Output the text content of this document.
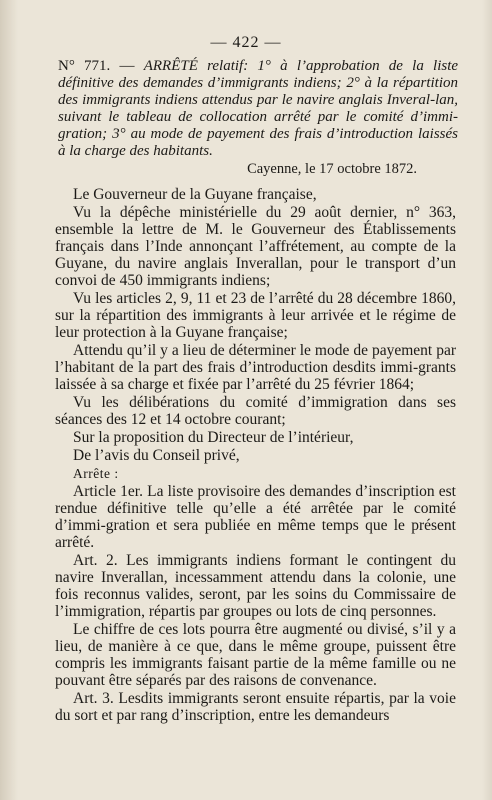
— 422 —
N° 771. — ARRÊTÉ relatif: 1° à l’approbation de la liste définitive des demandes d’immigrants indiens; 2° à la répartition des immigrants indiens attendus par le navire anglais Inveral-lan, suivant le tableau de collocation arrêté par le comité d’immi-gration; 3° au mode de payement des frais d’introduction laissés à la charge des habitants.
Cayenne, le 17 octobre 1872.

Le Gouverneur de la Guyane française,

Vu la dépêche ministérielle du 29 août dernier, n° 363, ensemble la lettre de M. le Gouverneur des Établissements français dans l’Inde annonçant l’affrétement, au compte de la Guyane, du navire anglais Inverallan, pour le transport d’un convoi de 450 immigrants indiens;

Vu les articles 2, 9, 11 et 23 de l’arrêté du 28 décembre 1860, sur la répartition des immigrants à leur arrivée et le régime de leur protection à la Guyane française;

Attendu qu’il y a lieu de déterminer le mode de payement par l’habitant de la part des frais d’introduction desdits immi-grants laissée à sa charge et fixée par l’arrêté du 25 février 1864;

Vu les délibérations du comité d’immigration dans ses séances des 12 et 14 octobre courant;

Sur la proposition du Directeur de l’intérieur,

De l’avis du Conseil privé,

Arrête :

Article 1er. La liste provisoire des demandes d’inscription est rendue définitive telle qu’elle a été arrêtée par le comité d’immi-gration et sera publiée en même temps que le présent arrêté.

Art. 2. Les immigrants indiens formant le contingent du navire Inverallan, incessamment attendu dans la colonie, une fois reconnus valides, seront, par les soins du Commissaire de l’immigration, répartis par groupes ou lots de cinq personnes.

Le chiffre de ces lots pourra être augmenté ou divisé, s’il y a lieu, de manière à ce que, dans le même groupe, puissent être compris les immigrants faisant partie de la même famille ou ne pouvant être séparés par des raisons de convenance.

Art. 3. Lesdits immigrants seront ensuite répartis, par la voie du sort et par rang d’inscription, entre les demandeurs
